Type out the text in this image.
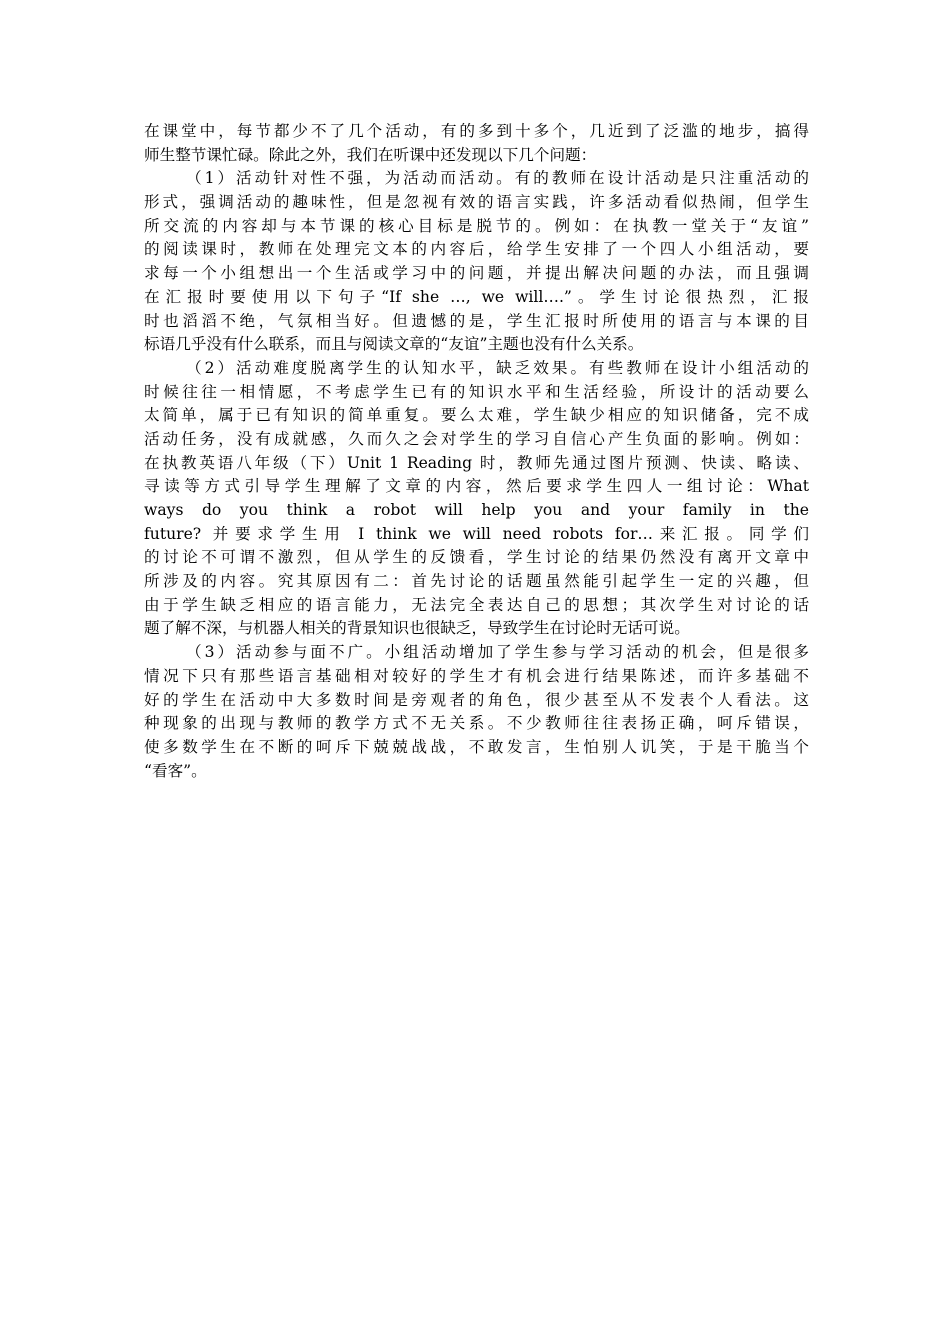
在课堂中，每节都少不了几个活动，有的多到十多个，几近到了泛滥的地步，搞得
师生整节课忙碌。除此之外，我们在听课中还发现以下几个问题：
（1）活动针对性不强，为活动而活动。有的教师在设计活动是只注重活动的
形式，强调活动的趣味性，但是忽视有效的语言实践，许多活动看似热闹，但学生
所交流的内容却与本节课的核心目标是脱节的。例如：在执教一堂关于“友谊”
的阅读课时，教师在处理完文本的内容后，给学生安排了一个四人小组活动，要
求每一个小组想出一个生活或学习中的问题，并提出解决问题的办法，而且强调
在汇报时要使用以下句子“If she …, we will….”。学生讨论很热烈，汇报
时也滔滔不绝，气氛相当好。但遗憾的是，学生汇报时所使用的语言与本课的目
标语几乎没有什么联系，而且与阅读文章的“友谊”主题也没有什么关系。
（2）活动难度脱离学生的认知水平，缺乏效果。有些教师在设计小组活动的
时候往往一相情愿，不考虑学生已有的知识水平和生活经验，所设计的活动要么
太简单，属于已有知识的简单重复。要么太难，学生缺少相应的知识储备，完不成
活动任务，没有成就感，久而久之会对学生的学习自信心产生负面的影响。例如：
在执教英语八年级（下）Unit 1 Reading 时，教师先通过图片预测、快读、略读、
寻读等方式引导学生理解了文章的内容，然后要求学生四人一组讨论：What
ways do you think a robot will help you and your family in the
future? 并要求学生用 I think we will need robots for…来汇报。同学们
的讨论不可谓不激烈，但从学生的反馈看，学生讨论的结果仍然没有离开文章中
所涉及的内容。究其原因有二：首先讨论的话题虽然能引起学生一定的兴趣，但
由于学生缺乏相应的语言能力，无法完全表达自己的思想；其次学生对讨论的话
题了解不深，与机器人相关的背景知识也很缺乏，导致学生在讨论时无话可说。
（3）活动参与面不广。小组活动增加了学生参与学习活动的机会，但是很多
情况下只有那些语言基础相对较好的学生才有机会进行结果陈述，而许多基础不
好的学生在活动中大多数时间是旁观者的角色，很少甚至从不发表个人看法。这
种现象的出现与教师的教学方式不无关系。不少教师往往表扬正确，呵斥错误，
使多数学生在不断的呵斥下兢兢战战，不敢发言，生怕别人讥笑，于是干脆当个
“看客”。
